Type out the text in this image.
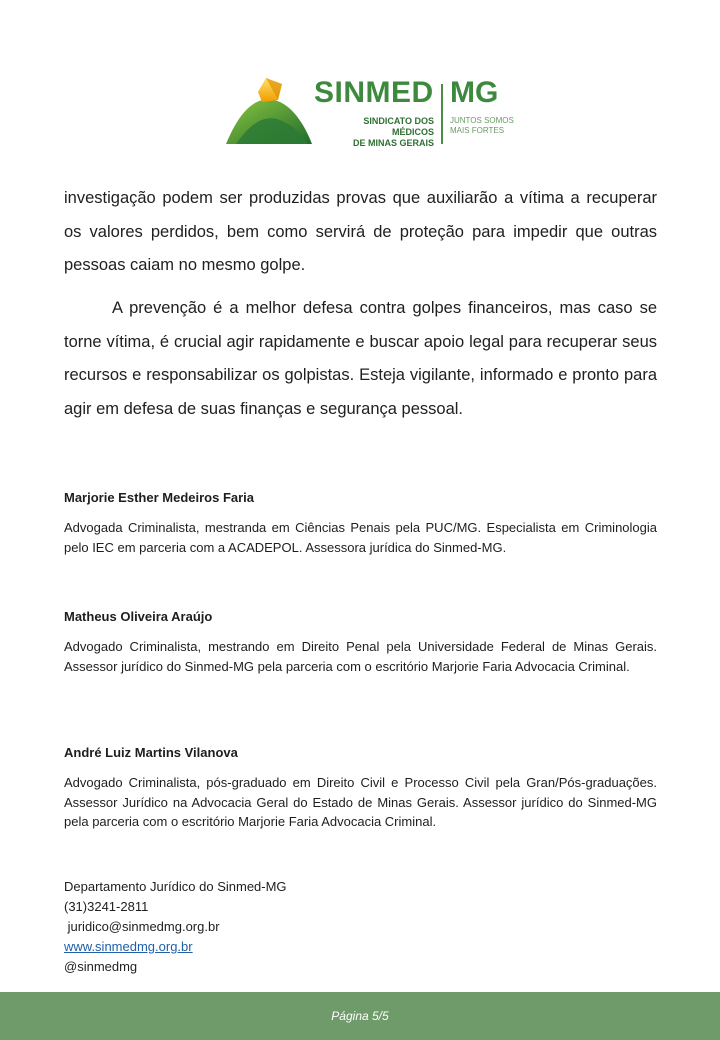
SINMED MG
SINDICATO DOS MÉDICOS
DE MINAS GERAIS
JUNTOS SOMOS
MAIS FORTES

investigação podem ser produzidas provas que auxiliarão a vítima a recuperar os valores perdidos, bem como servirá de proteção para impedir que outras pessoas caiam no mesmo golpe.

A prevenção é a melhor defesa contra golpes financeiros, mas caso se torne vítima, é crucial agir rapidamente e buscar apoio legal para recuperar seus recursos e responsabilizar os golpistas. Esteja vigilante, informado e pronto para agir em defesa de suas finanças e segurança pessoal.

Marjorie Esther Medeiros Faria
Advogada Criminalista, mestranda em Ciências Penais pela PUC/MG. Especialista em Criminologia pelo IEC em parceria com a ACADEPOL. Assessora jurídica do Sinmed-MG.
Matheus Oliveira Araújo
Advogado Criminalista, mestrando em Direito Penal pela Universidade Federal de Minas Gerais. Assessor jurídico do Sinmed-MG pela parceria com o escritório Marjorie Faria Advocacia Criminal.
André Luiz Martins Vilanova
Advogado Criminalista, pós-graduado em Direito Civil e Processo Civil pela Gran/Pós-graduações. Assessor Jurídico na Advocacia Geral do Estado de Minas Gerais. Assessor jurídico do Sinmed-MG pela parceria com o escritório Marjorie Faria Advocacia Criminal.
Departamento Jurídico do Sinmed-MG
(31)3241-2811
juridico@sinmedmg.org.br
www.sinmedmg.org.br
@sinmedmg
Página 5/5
